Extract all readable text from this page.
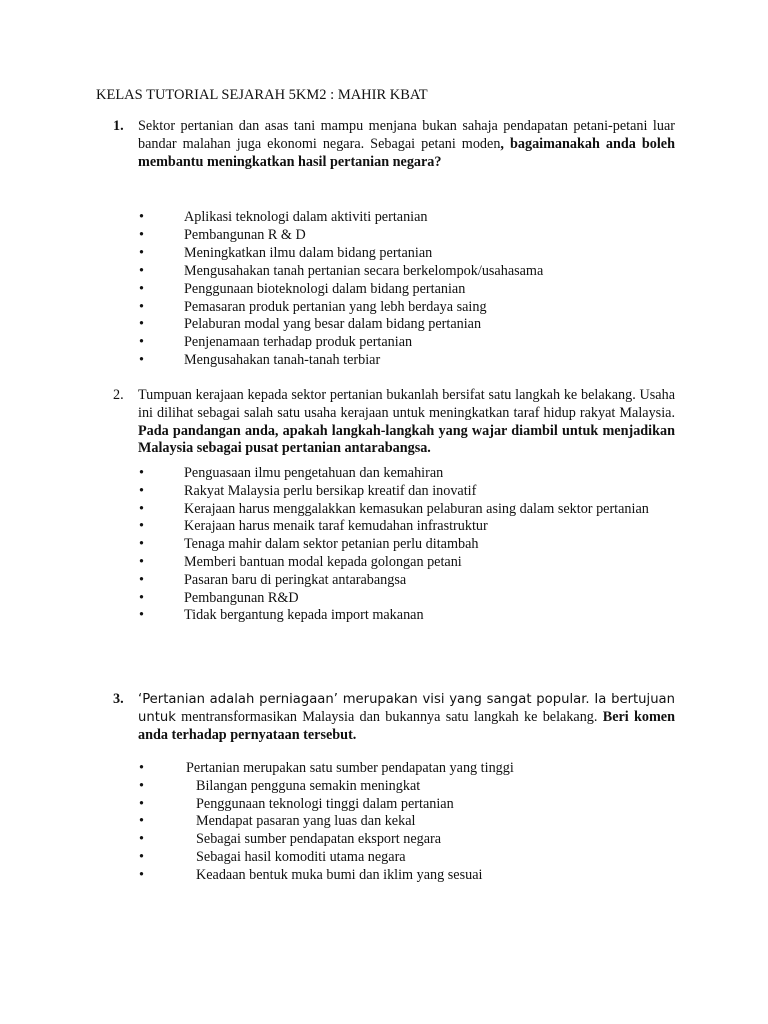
KELAS TUTORIAL SEJARAH 5KM2 : MAHIR KBAT
1. Sektor pertanian dan asas tani mampu menjana bukan sahaja pendapatan petani-petani luar bandar malahan juga ekonomi negara. Sebagai petani moden, bagaimanakah anda boleh membantu meningkatkan hasil pertanian negara?
•	Aplikasi teknologi dalam aktiviti pertanian
•	Pembangunan R & D
•	Meningkatkan ilmu dalam bidang pertanian
•	Mengusahakan tanah pertanian secara berkelompok/usahasama
•	Penggunaan bioteknologi dalam bidang pertanian
•	Pemasaran produk pertanian yang lebh berdaya saing
•	Pelaburan modal yang besar dalam bidang pertanian
•	Penjenamaan terhadap produk pertanian
•	Mengusahakan tanah-tanah terbiar
2. Tumpuan kerajaan kepada sektor pertanian bukanlah bersifat satu langkah ke belakang. Usaha ini dilihat sebagai salah satu usaha kerajaan untuk meningkatkan taraf hidup rakyat Malaysia. Pada pandangan anda, apakah langkah-langkah yang wajar diambil untuk menjadikan Malaysia sebagai pusat pertanian antarabangsa.
•	Penguasaan ilmu pengetahuan dan kemahiran
•	Rakyat Malaysia perlu bersikap kreatif dan inovatif
•	Kerajaan harus menggalakkan kemasukan pelaburan asing dalam sektor pertanian
•	Kerajaan harus menaik taraf kemudahan infrastruktur
•	Tenaga mahir dalam sektor petanian perlu ditambah
•	Memberi bantuan modal kepada golongan petani
•	Pasaran baru di peringkat antarabangsa
•	Pembangunan R&D
•	Tidak bergantung kepada import makanan
3. ‘Pertanian adalah perniagaan’ merupakan visi yang sangat popular. Ia bertujuan untuk mentransformasikan Malaysia dan bukannya satu langkah ke belakang. Beri komen anda terhadap pernyataan tersebut.
•	Pertanian merupakan satu sumber pendapatan yang tinggi
•	Bilangan pengguna semakin meningkat
•	Penggunaan teknologi tinggi dalam pertanian
•	Mendapat pasaran yang luas dan kekal
•	Sebagai sumber pendapatan eksport negara
•	Sebagai hasil komoditi utama negara
•	Keadaan bentuk muka bumi dan iklim yang sesuai
